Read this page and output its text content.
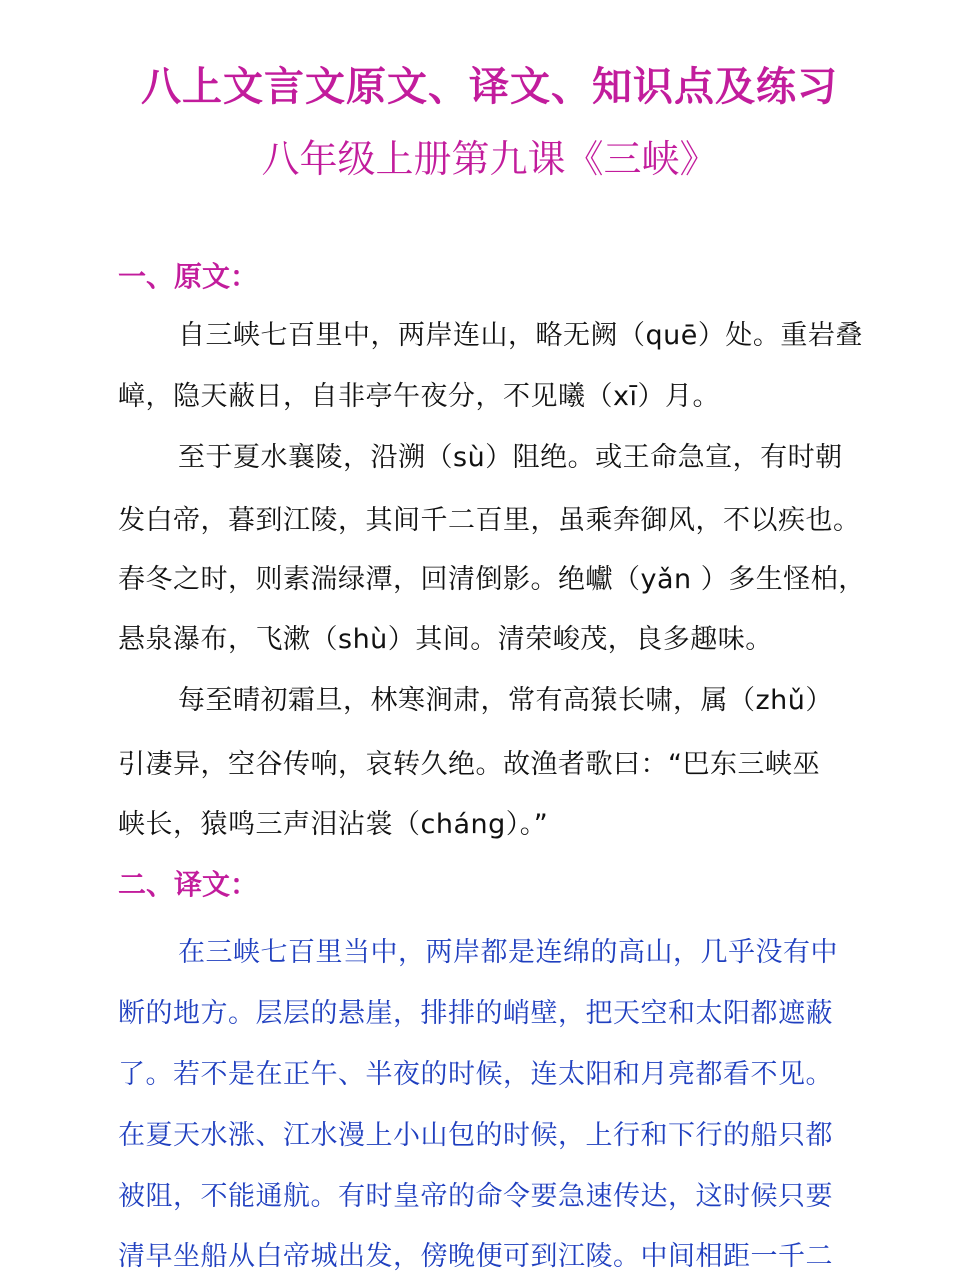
八上文言文原文、译文、知识点及练习
八年级上册第九课《三峡》
一、原文：
自三峡七百里中，两岸连山，略无阙（quē）处。重岩叠
嶂，隐天蔽日，自非亭午夜分，不见曦（xī）月。
至于夏水襄陵，沿溯（sù）阻绝。或王命急宣，有时朝
发白帝，暮到江陵，其间千二百里，虽乘奔御风，不以疾也。
春冬之时，则素湍绿潭，回清倒影。绝巘（yǎn ）多生怪柏，
悬泉瀑布，飞漱（shù）其间。清荣峻茂，良多趣味。
每至晴初霜旦，林寒涧肃，常有高猿长啸，属（zhǔ）
引凄异，空谷传响，哀转久绝。故渔者歌曰：“巴东三峡巫
峡长，猿鸣三声泪沾裳（cháng）。”
二、译文：
在三峡七百里当中，两岸都是连绵的高山，几乎没有中
断的地方。层层的悬崖，排排的峭壁，把天空和太阳都遮蔽
了。若不是在正午、半夜的时候，连太阳和月亮都看不见。
在夏天水涨、江水漫上小山包的时候，上行和下行的船只都
被阻，不能通航。有时皇帝的命令要急速传达，这时候只要
清早坐船从白帝城出发，傍晚便可到江陵。中间相距一千二
